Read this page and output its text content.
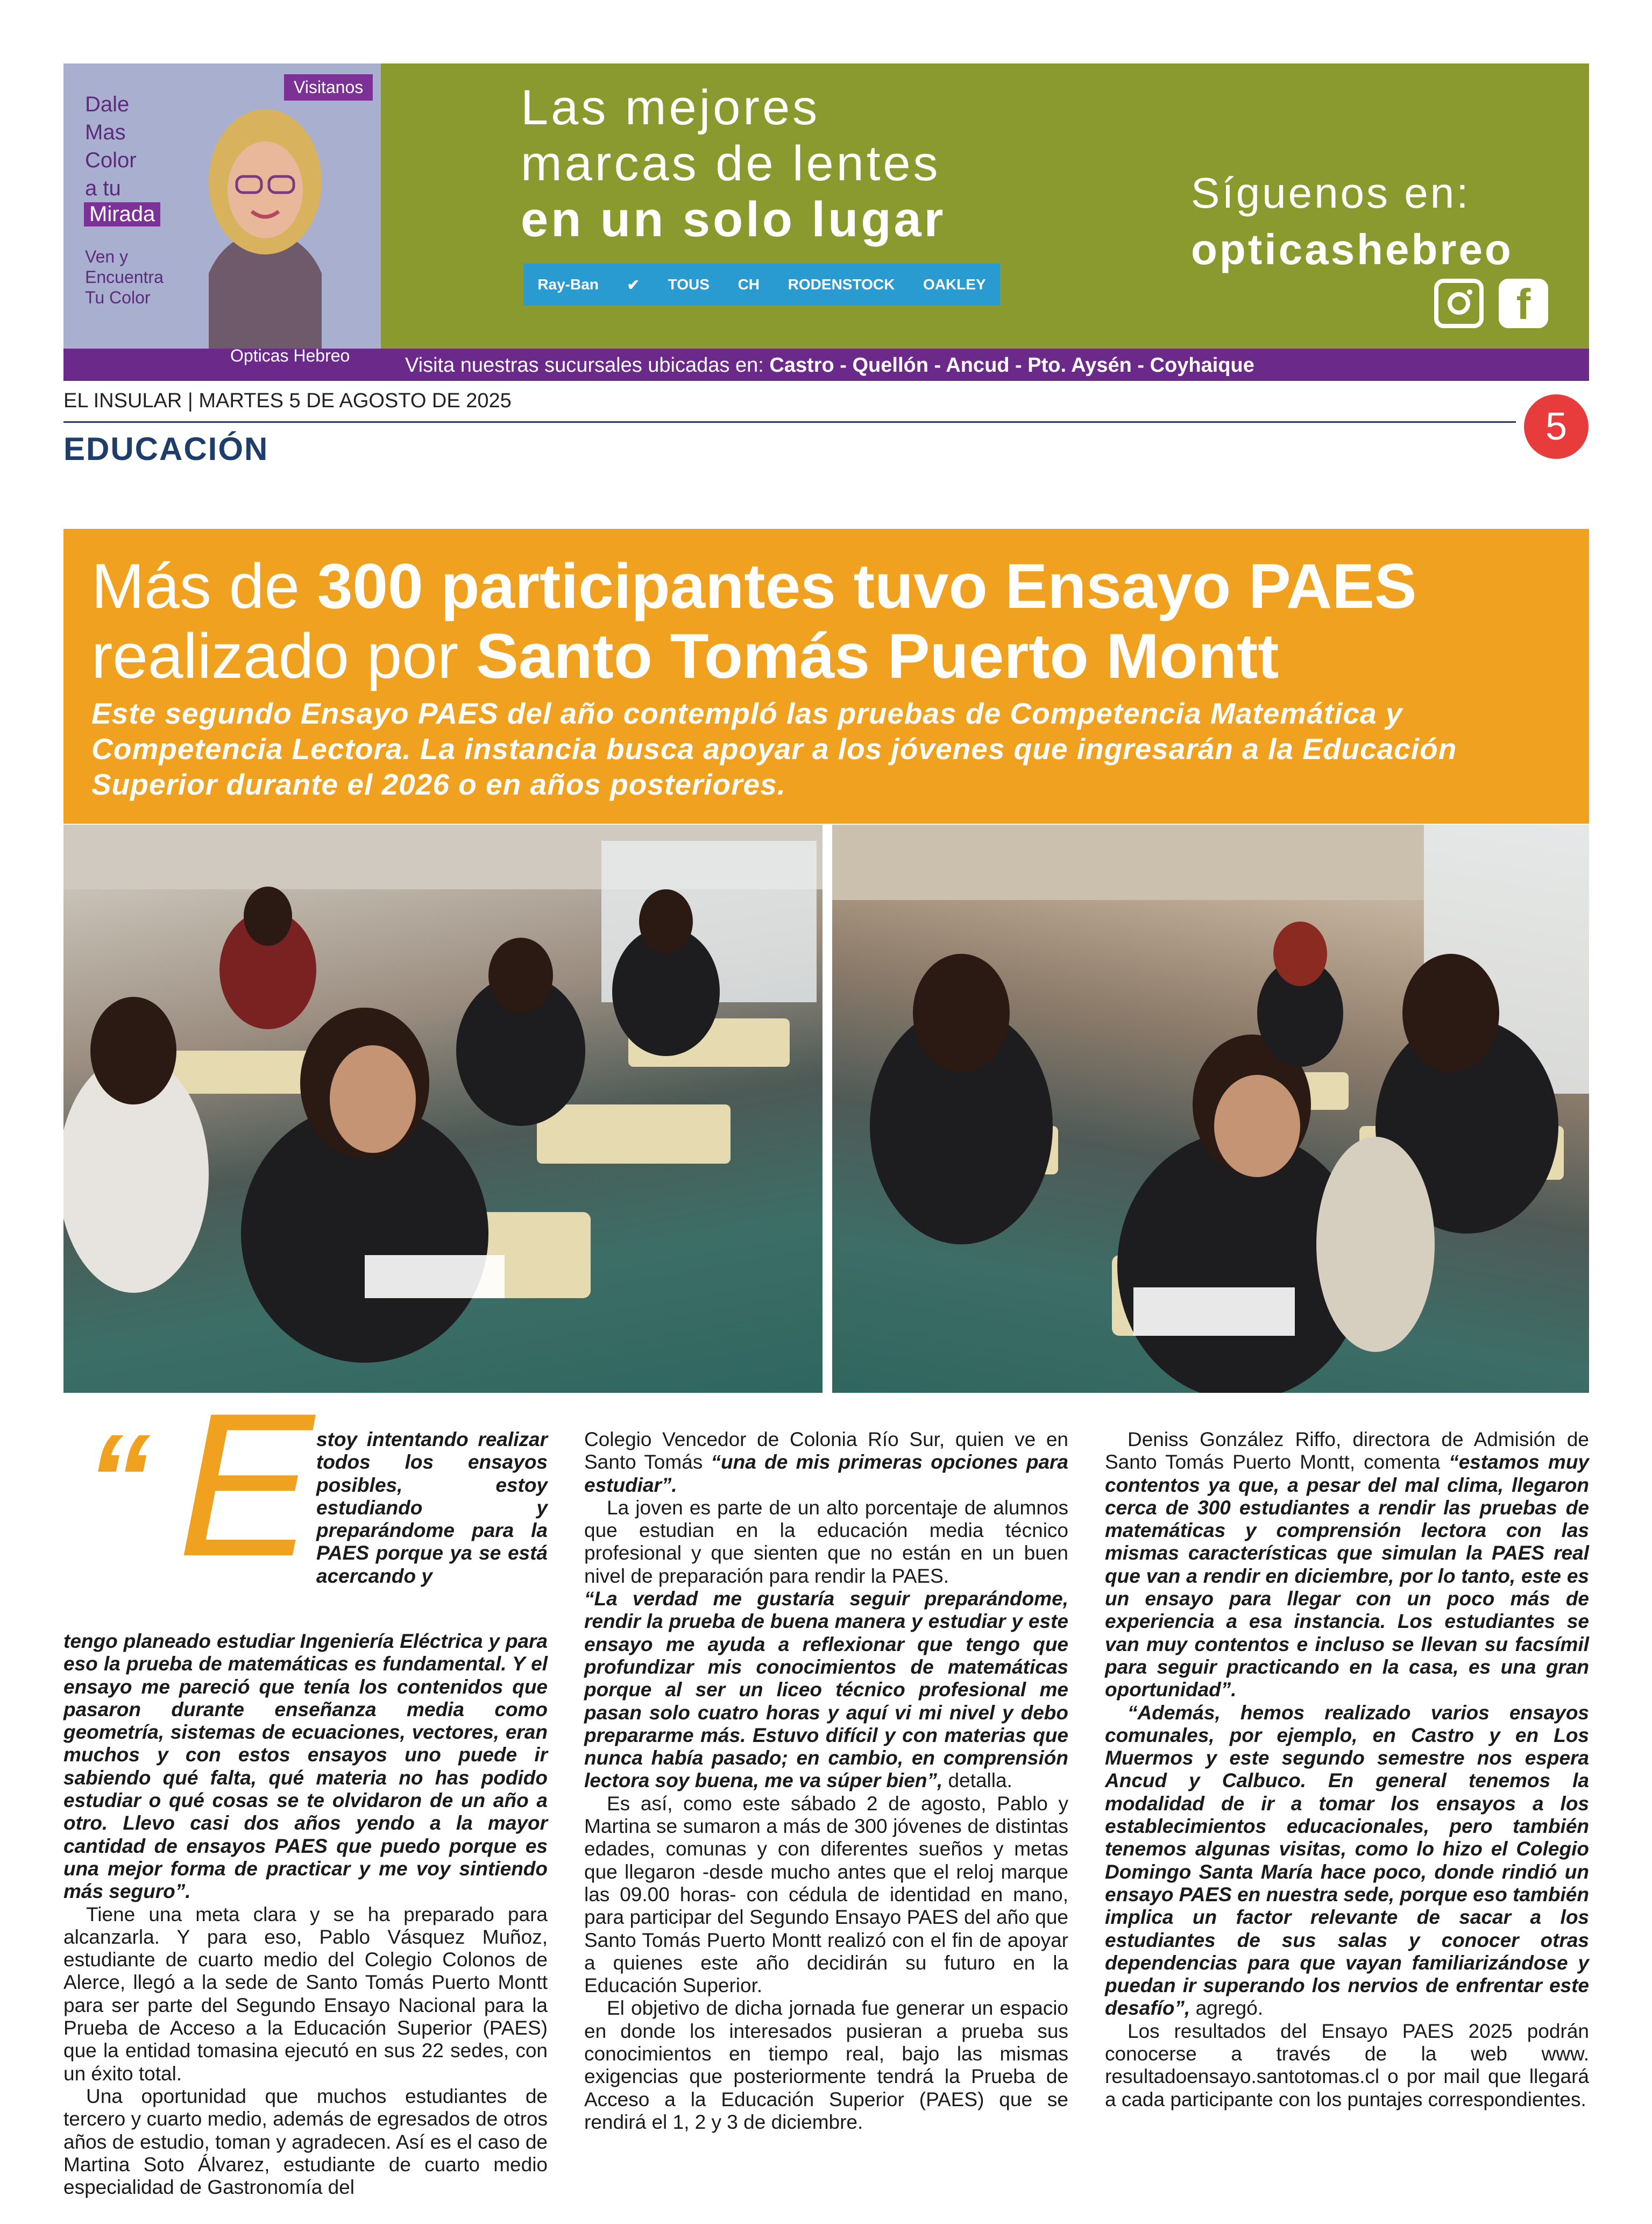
Visitanos
Dale
Mas
Color
a tu
Mirada
Ven y
Encuentra
Tu Color
Opticas Hebreo
Las mejores
marcas de lentes
en un solo lugar
Ray-Ban ✔ TOUS CH RODENSTOCK OAKLEY
Síguenos en:
opticashebreo
f
Visita nuestras sucursales ubicadas en: Castro - Quellón - Ancud - Pto. Aysén - Coyhaique
EL INSULAR | MARTES 5 DE AGOSTO DE 2025
5
EDUCACIÓN
Más de 300 participantes tuvo Ensayo PAES
realizado por Santo Tomás Puerto Montt
Este segundo Ensayo PAES del año contempló las pruebas de Competencia Matemática y Competencia Lectora. La instancia busca apoyar a los jóvenes que ingresarán a la Educación Superior durante el 2026 o en años posteriores.
“ E stoy intentando realizar todos los ensayos posibles, estoy estudiando y preparándome para la PAES porque ya se está acercando y

tengo planeado estudiar Ingeniería Eléctrica y para eso la prueba de matemáticas es fundamental. Y el ensayo me pareció que tenía los contenidos que pasaron durante enseñanza media como geometría, sistemas de ecuaciones, vectores, eran muchos y con estos ensayos uno puede ir sabiendo qué falta, qué materia no has podido estudiar o qué cosas se te olvidaron de un año a otro. Llevo casi dos años yendo a la mayor cantidad de ensayos PAES que puedo porque es una mejor forma de practicar y me voy sintiendo más seguro”.

Tiene una meta clara y se ha preparado para alcanzarla. Y para eso, Pablo Vásquez Muñoz, estudiante de cuarto medio del Colegio Colonos de Alerce, llegó a la sede de Santo Tomás Puerto Montt para ser parte del Segundo Ensayo Nacional para la Prueba de Acceso a la Educación Superior (PAES) que la entidad tomasina ejecutó en sus 22 sedes, con un éxito total.

Una oportunidad que muchos estudiantes de tercero y cuarto medio, además de egresados de otros años de estudio, toman y agradecen. Así es el caso de Martina Soto Álvarez, estudiante de cuarto medio especialidad de Gastronomía del

Colegio Vencedor de Colonia Río Sur, quien ve en Santo Tomás “una de mis primeras opciones para estudiar”.

La joven es parte de un alto porcentaje de alumnos que estudian en la educación media técnico profesional y que sienten que no están en un buen nivel de preparación para rendir la PAES.

“La verdad me gustaría seguir preparándome, rendir la prueba de buena manera y estudiar y este ensayo me ayuda a reflexionar que tengo que profundizar mis conocimientos de matemáticas porque al ser un liceo técnico profesional me pasan solo cuatro horas y aquí vi mi nivel y debo prepararme más. Estuvo difícil y con materias que nunca había pasado; en cambio, en comprensión lectora soy buena, me va súper bien”, detalla.

Es así, como este sábado 2 de agosto, Pablo y Martina se sumaron a más de 300 jóvenes de distintas edades, comunas y con diferentes sueños y metas que llegaron -desde mucho antes que el reloj marque las 09.00 horas- con cédula de identidad en mano, para participar del Segundo Ensayo PAES del año que Santo Tomás Puerto Montt realizó con el fin de apoyar a quienes este año decidirán su futuro en la Educación Superior.

El objetivo de dicha jornada fue generar un espacio en donde los interesados pusieran a prueba sus conocimientos en tiempo real, bajo las mismas exigencias que posteriormente tendrá la Prueba de Acceso a la Educación Superior (PAES) que se rendirá el 1, 2 y 3 de diciembre.

Deniss González Riffo, directora de Admisión de Santo Tomás Puerto Montt, comenta “estamos muy contentos ya que, a pesar del mal clima, llegaron cerca de 300 estudiantes a rendir las pruebas de matemáticas y comprensión lectora con las mismas características que simulan la PAES real que van a rendir en diciembre, por lo tanto, este es un ensayo para llegar con un poco más de experiencia a esa instancia. Los estudiantes se van muy contentos e incluso se llevan su facsímil para seguir practicando en la casa, es una gran oportunidad”.

“Además, hemos realizado varios ensayos comunales, por ejemplo, en Castro y en Los Muermos y este segundo semestre nos espera Ancud y Calbuco. En general tenemos la modalidad de ir a tomar los ensayos a los establecimientos educacionales, pero también tenemos algunas visitas, como lo hizo el Colegio Domingo Santa María hace poco, donde rindió un ensayo PAES en nuestra sede, porque eso también implica un factor relevante de sacar a los estudiantes de sus salas y conocer otras dependencias para que vayan familiarizándose y puedan ir superando los nervios de enfrentar este desafío”, agregó.

Los resultados del Ensayo PAES 2025 podrán conocerse a través de la web www. resultadoensayo.santotomas.cl o por mail que llegará a cada participante con los puntajes correspondientes.
